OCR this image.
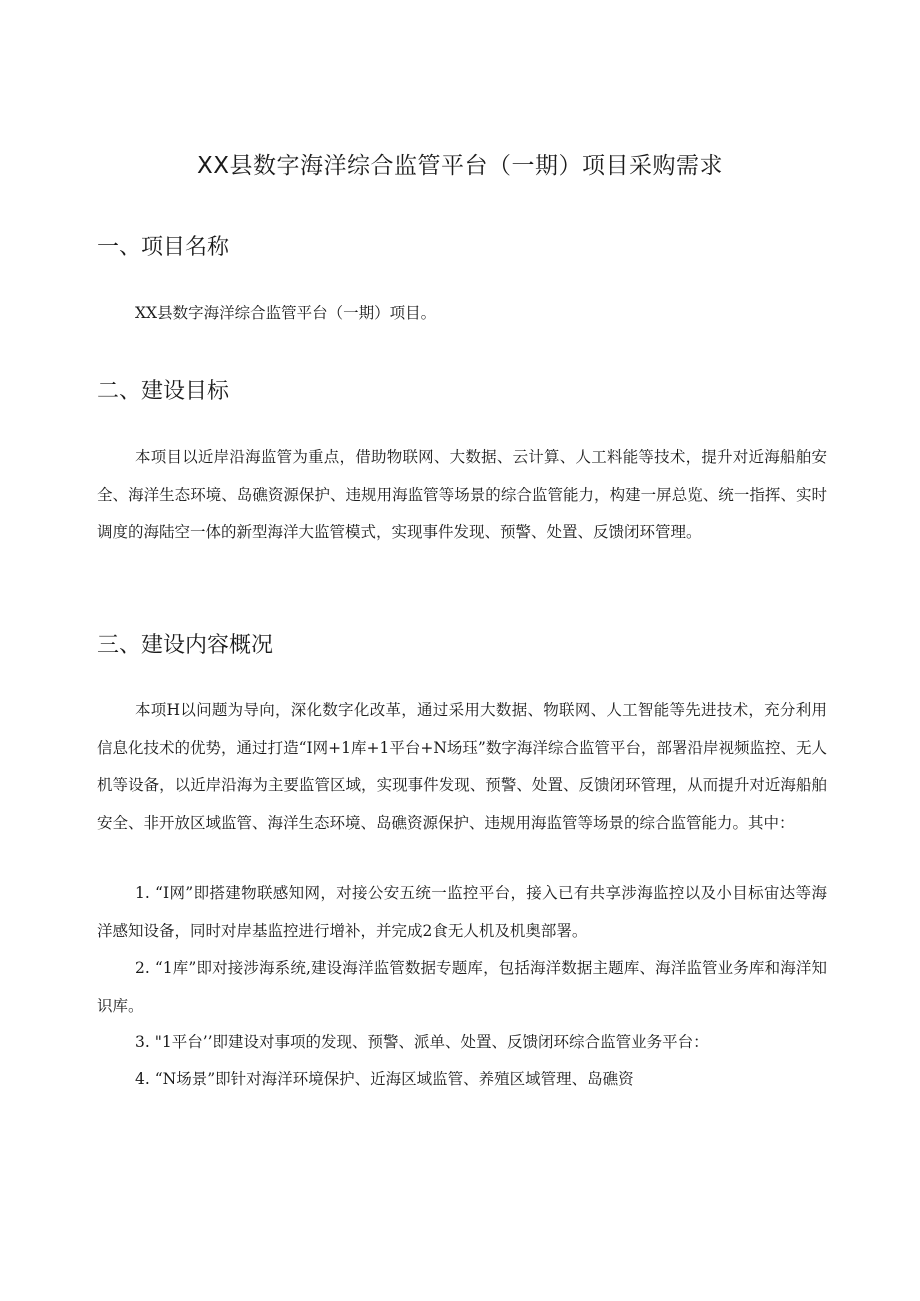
XX县数字海洋综合监管平台（一期）项目采购需求
一、项目名称

XX县数字海洋综合监管平台（一期）项目。

二、建设目标

本项目以近岸沿海监管为重点，借助物联网、大数据、云计算、人工料能等技术，提升对近海船舶安全、海洋生态环境、岛礁资源保护、违规用海监管等场景的综合监管能力，构建一屏总览、统一指挥、实时调度的海陆空一体的新型海洋大监管模式，实现事件发现、预警、处置、反馈闭环管理。

三、建设内容概况

本项H以问题为导向，深化数字化改革，通过采用大数据、物联网、人工智能等先进技术，充分利用信息化技术的优势，通过打造“I网+1库+1平台+N场珏”数字海洋综合监管平台，部署沿岸视频监控、无人机等设备，以近岸沿海为主要监管区域，实现事件发现、预警、处置、反馈闭环管理，从而提升对近海船舶安全、非开放区域监管、海洋生态环境、岛礁资源保护、违规用海监管等场景的综合监管能力。其中：

1. “I网”即搭建物联感知网，对接公安五统一监控平台，接入已有共享涉海监控以及小目标宙达等海洋感知设备，同时对岸基监控进行增补，并完成2食无人机及机奥部署。

2. “1库”即对接涉海系统,建设海洋监管数据专题库，包括海洋数据主题库、海洋监管业务库和海洋知识库。

3. "1平台’’即建设对事项的发现、预警、派单、处置、反馈闭环综合监管业务平台：

4. “N场景”即针对海洋环境保护、近海区域监管、养殖区域管理、岛礁资
